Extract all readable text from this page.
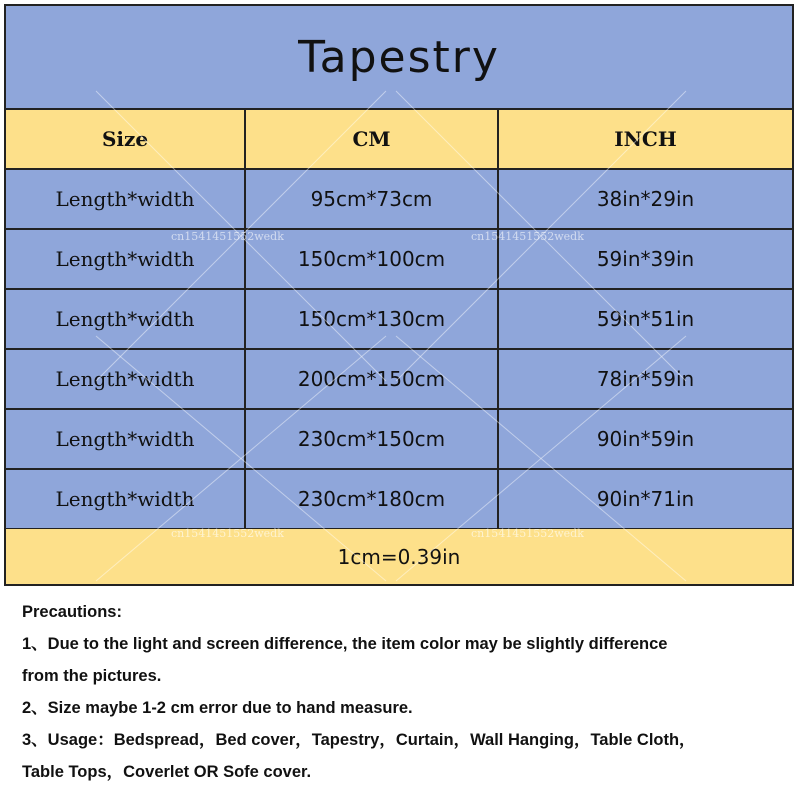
Tapestry
Size	CM	INCH
Length*width	95cm*73cm	38in*29in
Length*width	150cm*100cm	59in*39in
Length*width	150cm*130cm	59in*51in
Length*width	200cm*150cm	78in*59in
Length*width	230cm*150cm	90in*59in
Length*width	230cm*180cm	90in*71in
1cm=0.39in
cn1541451552wedk	cn1541451552wedk
cn1541451552wedk	cn1541451552wedk

Precautions:

1、Due to the light and screen difference, the item color may be slightly difference

from the pictures.

2、Size maybe 1-2 cm error due to hand measure.

3、Usage：Bedspread，Bed cover，Tapestry，Curtain，Wall Hanging，Table Cloth，

Table Tops，Coverlet OR Sofe cover.
